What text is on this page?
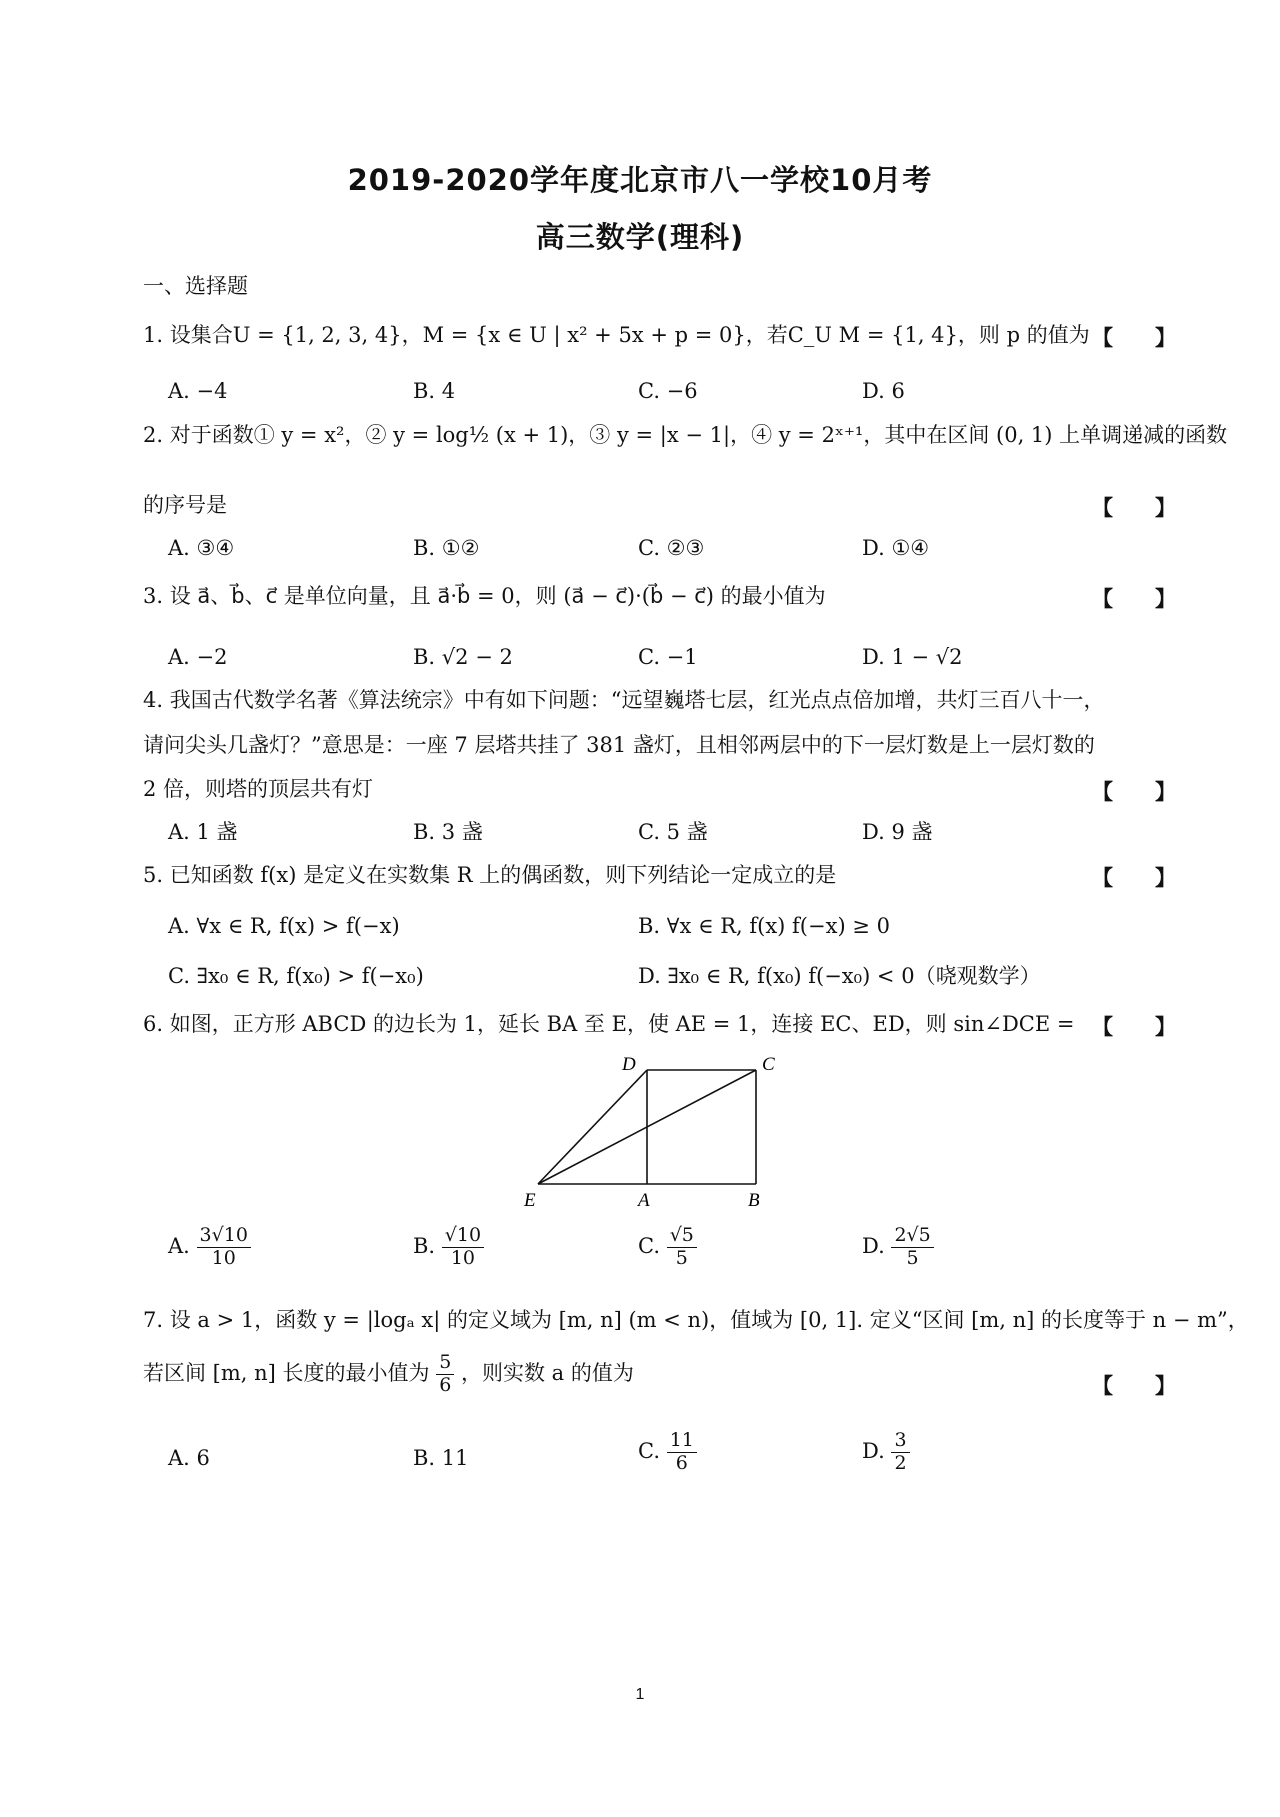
2019-2020学年度北京市八一学校10月考
高三数学(理科)
一、选择题
1. 设集合U = {1, 2, 3, 4}，M = {x ∈ U | x² + 5x + p = 0}，若C_U M = {1, 4}，则 p 的值为 【　　】
A. −4	B. 4	C. −6	D. 6
2. 对于函数① y = x²，② y = log½ (x + 1)，③ y = |x − 1|，④ y = 2ˣ⁺¹，其中在区间 (0, 1) 上单调递减的函数
的序号是	【　　】
A. ③④	B. ①②	C. ②③	D. ①④
3. 设 a⃗、b⃗、c⃗ 是单位向量，且 a⃗·b⃗ = 0，则 (a⃗ − c⃗)·(b⃗ − c⃗) 的最小值为	【　　】
A. −2	B. √2 − 2	C. −1	D. 1 − √2
4. 我国古代数学名著《算法统宗》中有如下问题：“远望巍塔七层，红光点点倍加增，共灯三百八十一，
请问尖头几盏灯？”意思是：一座 7 层塔共挂了 381 盏灯，且相邻两层中的下一层灯数是上一层灯数的
2 倍，则塔的顶层共有灯	【　　】
A. 1 盏	B. 3 盏	C. 5 盏	D. 9 盏
5. 已知函数 f(x) 是定义在实数集 R 上的偶函数，则下列结论一定成立的是	【　　】
A. ∀x ∈ R, f(x) > f(−x)	B. ∀x ∈ R, f(x) f(−x) ≥ 0
C. ∃x₀ ∈ R, f(x₀) > f(−x₀)	D. ∃x₀ ∈ R, f(x₀) f(−x₀) < 0（哓观数学）
6. 如图，正方形 ABCD 的边长为 1，延长 BA 至 E，使 AE = 1，连接 EC、ED，则 sin∠DCE = 【　　】
D	C
E	A	B
A. $\frac{3√10}{10}$	B. $\frac{√10}{10}$	C. $\frac{√5}{5}$	D. $\frac{2√5}{5}$
7. 设 a > 1，函数 y = |logₐ x| 的定义域为 [m, n] (m < n)，值域为 [0, 1]. 定义“区间 [m, n] 的长度等于 n − m”，
若区间 [m, n] 长度的最小值为 $\frac{5}{6}$ ，则实数 a 的值为
【　　】
A. 6	B. 11	C. $\frac{11}{6}$	D. $\frac{3}{2}$
1
